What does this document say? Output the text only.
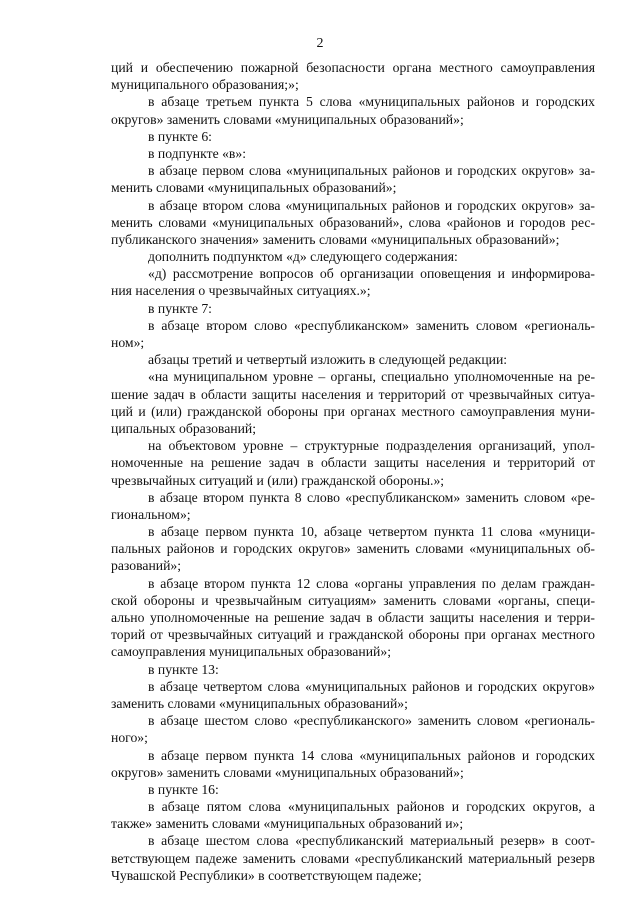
2
ций и обеспечению пожарной безопасности органа местного самоуправления
муниципального образования;»;
в абзаце третьем пункта 5 слова «муниципальных районов и городских
округов» заменить словами «муниципальных образований»;
в пункте 6:
в подпункте «в»:
в абзаце первом слова «муниципальных районов и городских округов» за-
менить словами «муниципальных образований»;
в абзаце втором слова «муниципальных районов и городских округов» за-
менить словами «муниципальных образований», слова «районов и городов рес-
публиканского значения» заменить словами «муниципальных образований»;
дополнить подпунктом «д» следующего содержания:
«д) рассмотрение вопросов об организации оповещения и информирова-
ния населения о чрезвычайных ситуациях.»;
в пункте 7:
в абзаце втором слово «республиканском» заменить словом «региональ-
ном»;
абзацы третий и четвертый изложить в следующей редакции:
«на муниципальном уровне – органы, специально уполномоченные на ре-
шение задач в области защиты населения и территорий от чрезвычайных ситуа-
ций и (или) гражданской обороны при органах местного самоуправления муни-
ципальных образований;
на объектовом уровне – структурные подразделения организаций, упол-
номоченные на решение задач в области защиты населения и территорий от
чрезвычайных ситуаций и (или) гражданской обороны.»;
в абзаце втором пункта 8 слово «республиканском» заменить словом «ре-
гиональном»;
в абзаце первом пункта 10, абзаце четвертом пункта 11 слова «муници-
пальных районов и городских округов» заменить словами «муниципальных об-
разований»;
в абзаце втором пункта 12 слова «органы управления по делам граждан-
ской обороны и чрезвычайным ситуациям» заменить словами «органы, специ-
ально уполномоченные на решение задач в области защиты населения и терри-
торий от чрезвычайных ситуаций и гражданской обороны при органах местного
самоуправления муниципальных образований»;
в пункте 13:
в абзаце четвертом слова «муниципальных районов и городских округов»
заменить словами «муниципальных образований»;
в абзаце шестом слово «республиканского» заменить словом «региональ-
ного»;
в абзаце первом пункта 14 слова «муниципальных районов и городских
округов» заменить словами «муниципальных образований»;
в пункте 16:
в абзаце пятом слова «муниципальных районов и городских округов, а
также» заменить словами «муниципальных образований и»;
в абзаце шестом слова «республиканский материальный резерв» в соот-
ветствующем падеже заменить словами «республиканский материальный резерв
Чувашской Республики» в соответствующем падеже;
